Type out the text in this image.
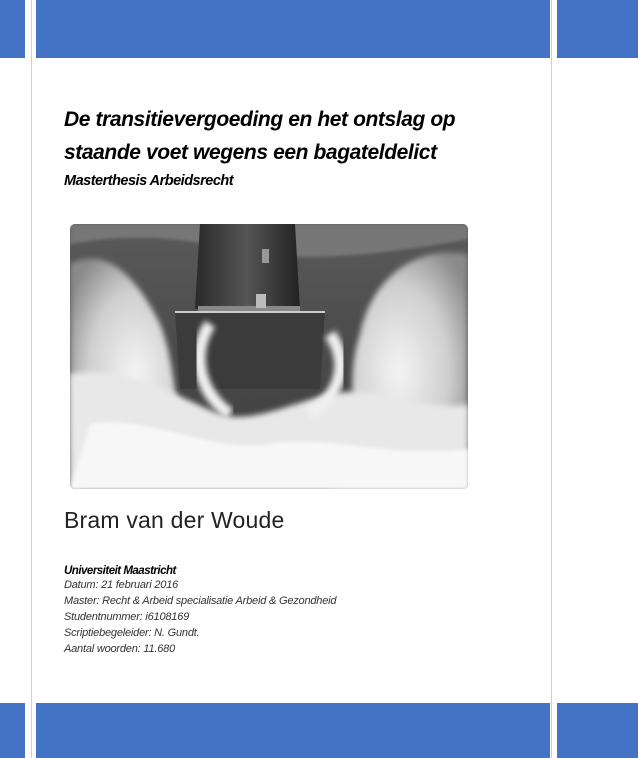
De transitievergoeding en het ontslag op
staande voet wegens een bagateldelict
Masterthesis Arbeidsrecht
Bram van der Woude
Universiteit Maastricht
Datum: 21 februari 2016
Master: Recht & Arbeid specialisatie Arbeid & Gezondheid
Studentnummer: i6108169
Scriptiebegeleider: N. Gundt.
Aantal woorden: 11.680
